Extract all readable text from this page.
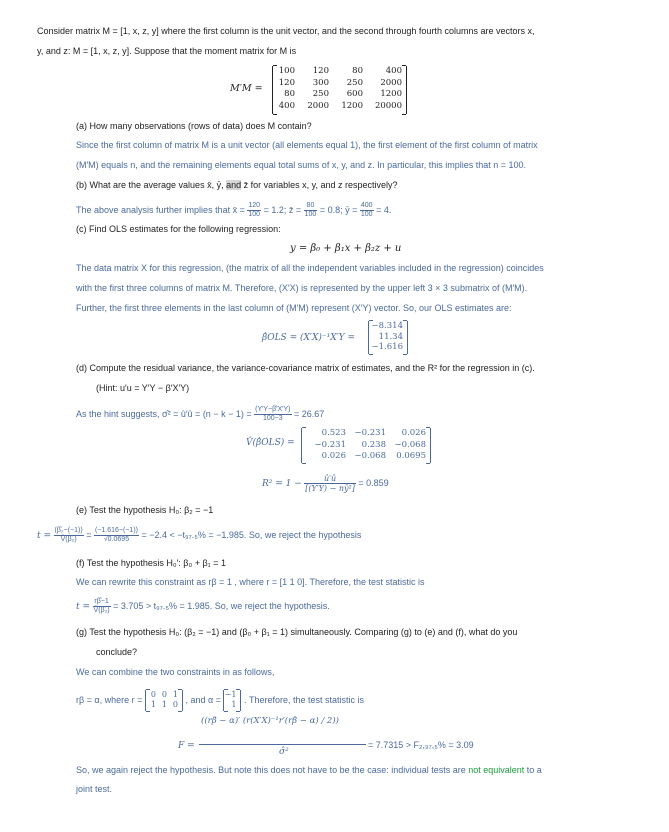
Consider matrix M = [1, x, z, y] where the first column is the unit vector, and the second through fourth columns are vectors x,
y, and z: M = [1, x, z, y]. Suppose that the moment matrix for M is
M′M =
100 120	80	400
120 300 250 2000
80 250 600 1200
400 2000 1200 20000
(a) How many observations (rows of data) does M contain?
Since the first column of matrix M is a unit vector (all elements equal 1), the first element of the first column of matrix
(M′M) equals n, and the remaining elements equal total sums of x, y, and z. In particular, this implies that n = 100.
(b) What are the average values x̄, ȳ, and z̄ for variables x, y, and z respectively?
The above analysis further implies that x̄ = $\frac{120}{100} = 1.2$; z̄ = $\frac{80}{100} = 0.8$; ȳ = $\frac{400}{100} = 4$.
(c) Find OLS estimates for the following regression:
y = β₀ + β₁x + β₂z + u
The data matrix X for this regression, (the matrix of all the independent variables included in the regression) coincides
with the first three columns of matrix M. Therefore, (X′X) is represented by the upper left 3 × 3 submatrix of (M′M).
Further, the first three elements in the last column of (M′M) represent (X′Y) vector. So, our OLS estimates are:
β̂OLS = (X′X)⁻¹X′Y =
−8.314
11.34
−1.616
(d) Compute the residual variance, the variance-covariance matrix of estimates, and the R² for the regression in (c).
(Hint: u′u = Y′Y − β′X′Y)
As the hint suggests, σ̂² = û′û = $(n - k - 1) = \frac{(Y'Y-\betâ'X'Y)}{100-3} = 26.67$
V̂(β̂OLS) =
0.523 −0.231 0.026
−0.231 0.238 −0.068
0.026 −0.068 0.0695
$R^2 = 1 - \frac{û'û}{\text{[(Y′Y) − nȳ²]}} = 0.859$
(e) Test the hypothesis H₀: β₂ = −1
$t = \frac{\text{(β̂₂−(−1))}}{\text{V̂(β̂₂)}} = \frac{(-1.616-(-1))}{√0.0695} = -2.4 < -t_{97}._5\% = -1.985$. So, we reject the hypothesis
(f) Test the hypothesis H₀′: β₀ + β₁ = 1
We can rewrite this constraint as rβ = 1 , where r = [1 1 0]. Therefore, the test statistic is
$t = \frac{r\betâ-1}{\text{V̂(β̂₂)}} = 3.705 > t_{97}._5\% = 1.985$. So, we reject the hypothesis.
(g) Test the hypothesis H₀: (β₂ = −1) and (β₀ + β₁ = 1) simultaneously. Comparing (g) to (e) and (f), what do you
conclude?
We can combine the two constraints in as follows,
rβ = α, where r =
0 0 1
1 1 0 , and α =
−1
1 . Therefore, the test statistic is
F =
((rβ̂ − α)′ (r(X′X)⁻¹r′(rβ̂ − α) / 2))
σ̂²
= 7.7315 > F₂,₉₇,₅% = 3.09
So, we again reject the hypothesis. But note this does not have to be the case: individual tests are not equivalent to a
joint test.
